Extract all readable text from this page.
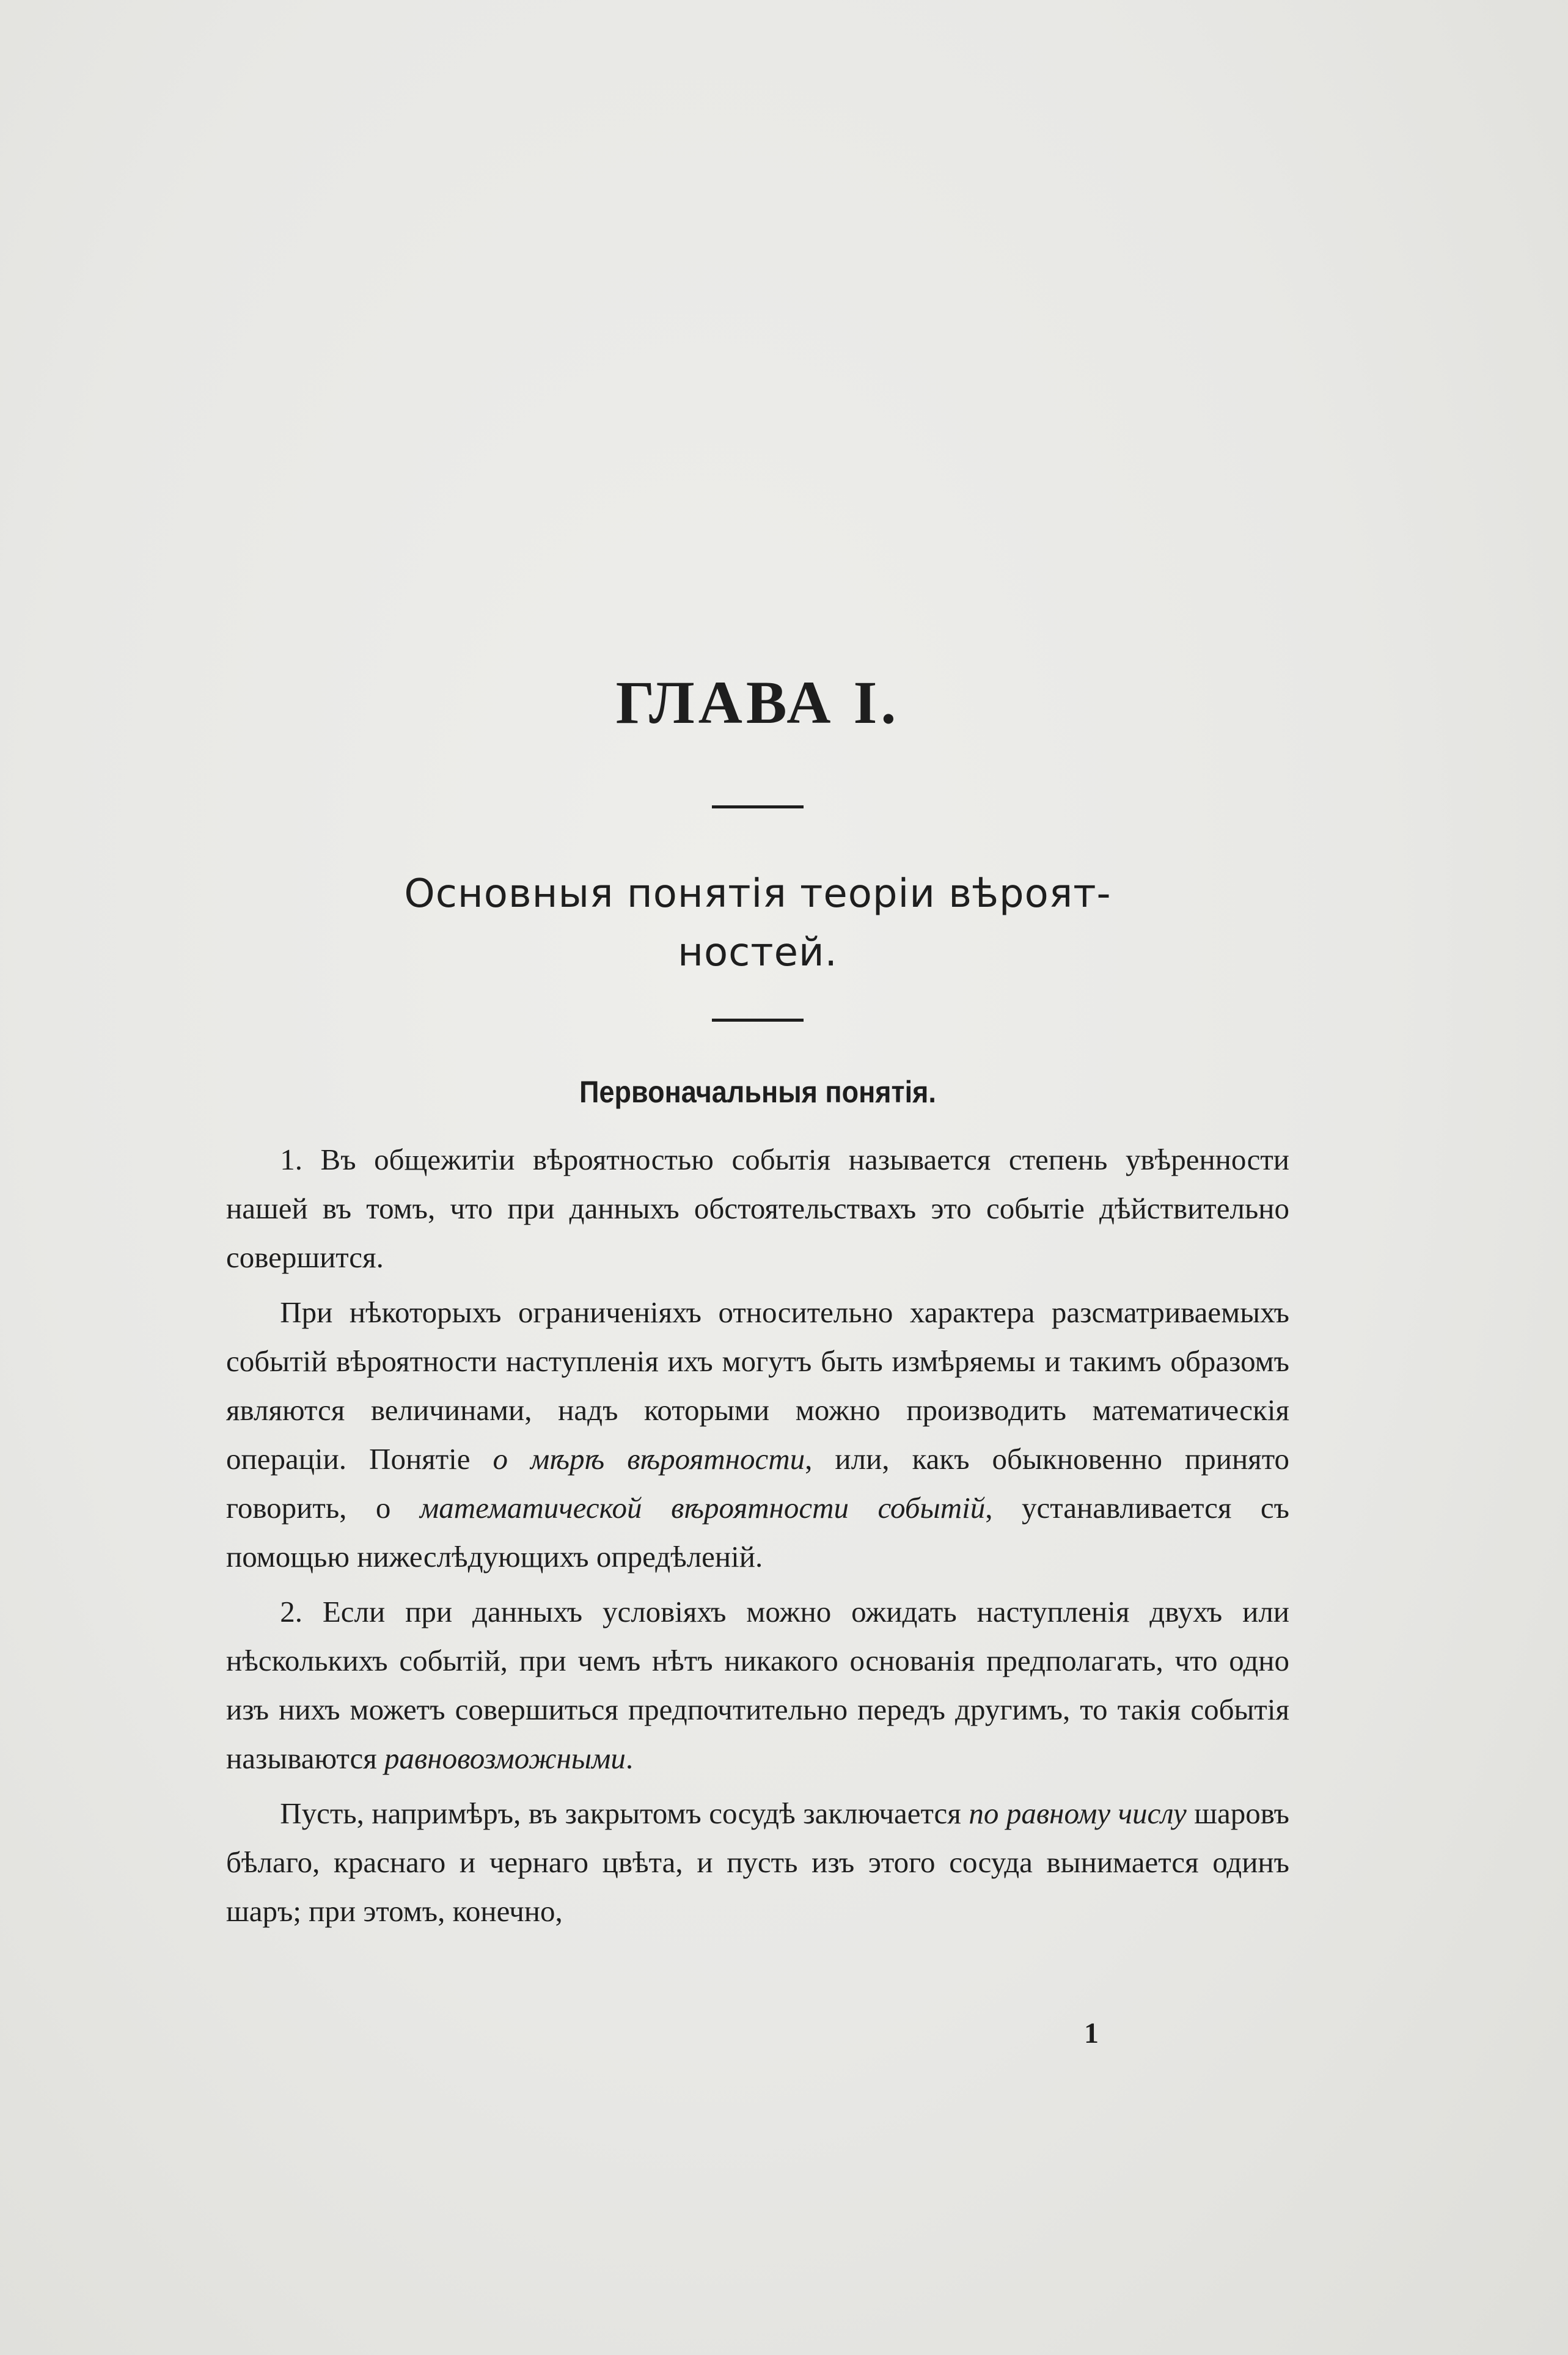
ГЛАВА I.
Основныя понятія теоріи вѣроят-
ностей.
Первоначальныя понятія.

1. Въ общежитіи вѣроятностью событія называется степень увѣренности нашей въ томъ, что при данныхъ обстоятельствахъ это событіе дѣйствительно совершится.

При нѣкоторыхъ ограниченіяхъ относительно характера разсматриваемыхъ событій вѣроятности наступленія ихъ могутъ быть измѣряемы и такимъ образомъ являются величинами, надъ которыми можно производить математическія операціи. Понятіе о мѣрѣ вѣроятности, или, какъ обыкновенно принято говорить, о математической вѣроятности событій, устанавливается съ помощью нижеслѣдующихъ опредѣленій.

2. Если при данныхъ условіяхъ можно ожидать наступленія двухъ или нѣсколькихъ событій, при чемъ нѣтъ никакого основанія предполагать, что одно изъ нихъ можетъ совершиться предпочтительно передъ другимъ, то такія событія называются равновозможными.

Пусть, напримѣръ, въ закрытомъ сосудѣ заключается по равному числу шаровъ бѣлаго, краснаго и чернаго цвѣта, и пусть изъ этого сосуда вынимается одинъ шаръ; при этомъ, конечно,

1
